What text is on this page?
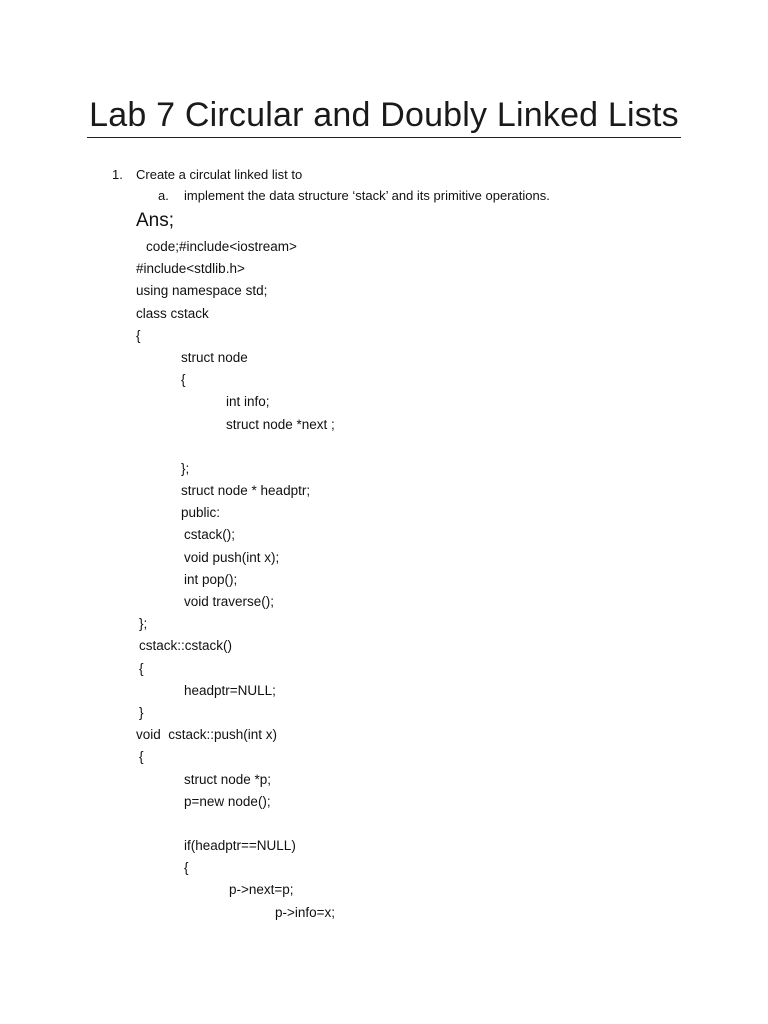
Lab 7 Circular and Doubly Linked Lists
1. Create a circulat linked list to
a. implement the data structure ‘stack’ and its primitive operations.
Ans;
code;#include<iostream>
#include<stdlib.h>
using namespace std;
class cstack
{
struct node
{
int info;
struct node *next ;
};
struct node * headptr;
public:
cstack();
void push(int x);
int pop();
void traverse();
};
cstack::cstack()
{
headptr=NULL;
}
void  cstack::push(int x)
{
struct node *p;
p=new node();
if(headptr==NULL)
{
p->next=p;
p->info=x;
